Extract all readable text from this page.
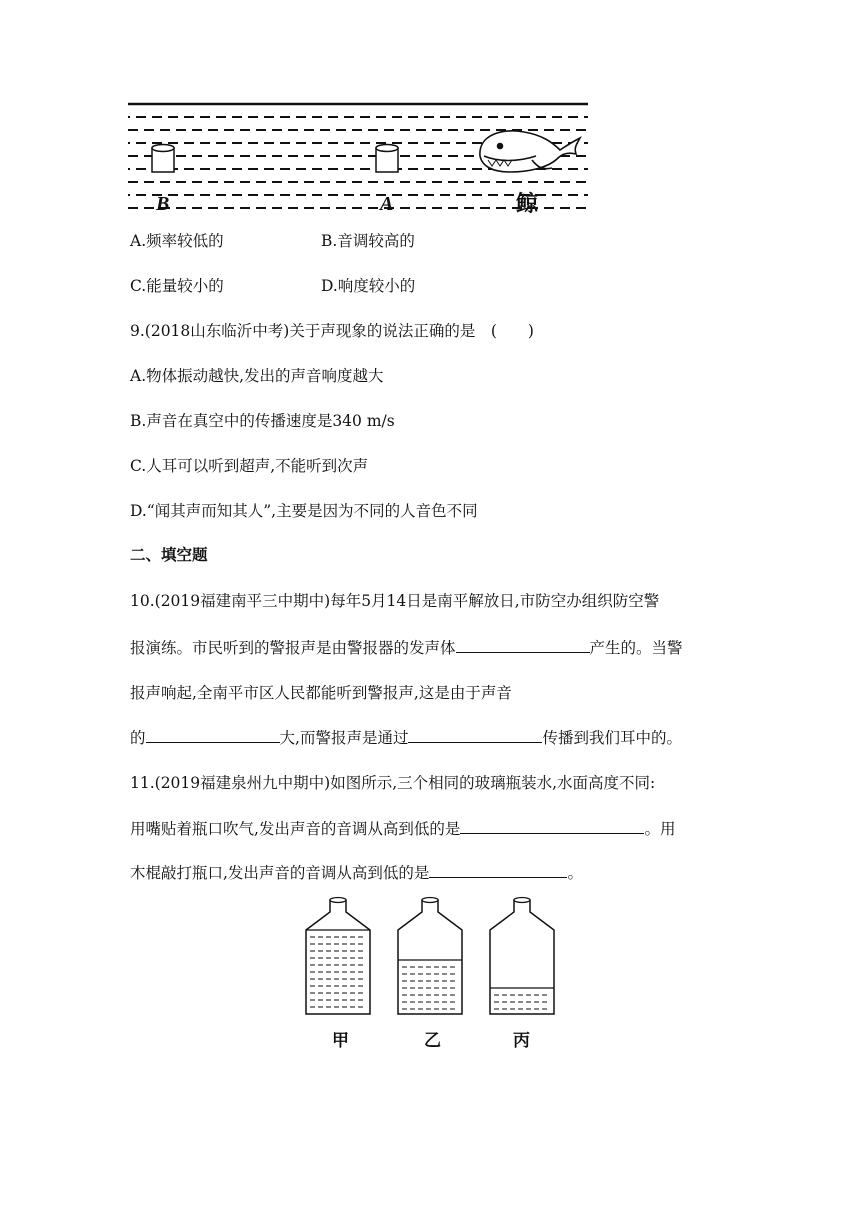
B	A	鲸
A.频率较低的	B.音调较高的
C.能量较小的	D.响度较小的
9.(2018山东临沂中考)关于声现象的说法正确的是　(　　)
A.物体振动越快,发出的声音响度越大
B.声音在真空中的传播速度是340 m/s
C.人耳可以听到超声,不能听到次声
D.“闻其声而知其人”,主要是因为不同的人音色不同
二、填空题
10.(2019福建南平三中期中)每年5月14日是南平解放日,市防空办组织防空警
报演练。市民听到的警报声是由警报器的发声体	产生的。当警
报声响起,全南平市区人民都能听到警报声,这是由于声音
的	大,而警报声是通过	传播到我们耳中的。
11.(2019福建泉州九中期中)如图所示,三个相同的玻璃瓶装水,水面高度不同:
用嘴贴着瓶口吹气,发出声音的音调从高到低的是	。用
木棍敲打瓶口,发出声音的音调从高到低的是	。
甲	乙	丙
